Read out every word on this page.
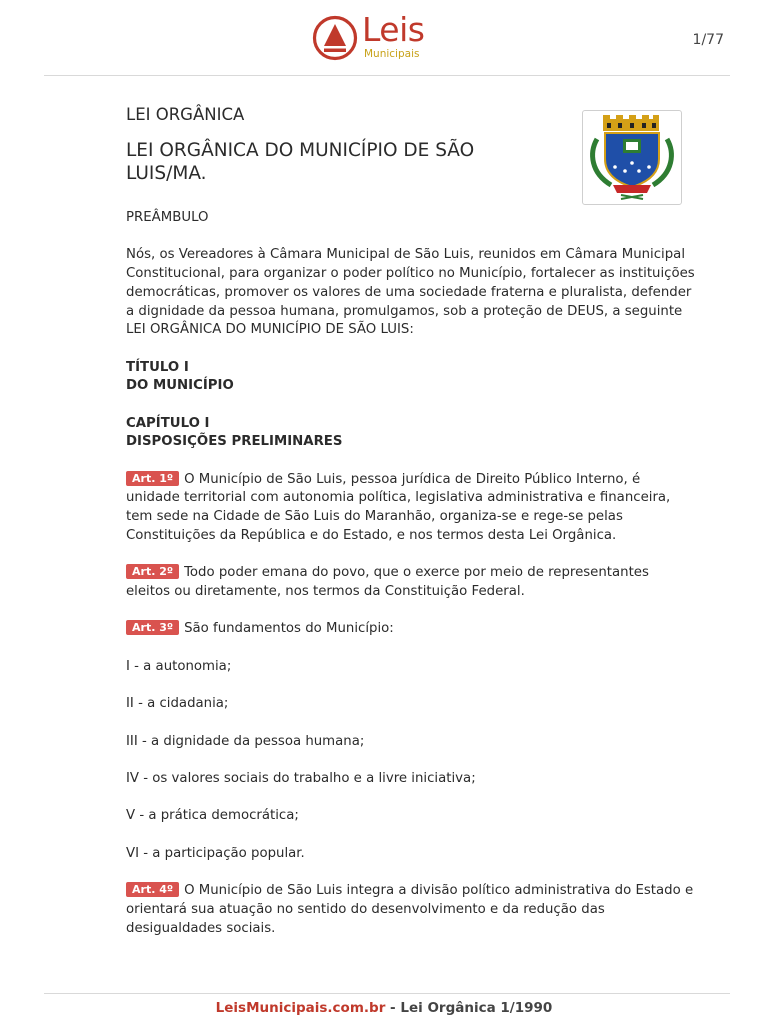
Leis
Municipais
1/77

LEI ORGÂNICA

LEI ORGÂNICA DO MUNICÍPIO DE SÃO LUIS/MA.

PREÂMBULO

Nós, os Vereadores à Câmara Municipal de São Luis, reunidos em Câmara Municipal Constitucional, para organizar o poder político no Município, fortalecer as instituições democráticas, promover os valores de uma sociedade fraterna e pluralista, defender a dignidade da pessoa humana, promulgamos, sob a proteção de DEUS, a seguinte LEI ORGÂNICA DO MUNICÍPIO DE SÃO LUIS:

TÍTULO I

DO MUNICÍPIO

CAPÍTULO I

DISPOSIÇÕES PRELIMINARES

Art. 1º O Município de São Luis, pessoa jurídica de Direito Público Interno, é unidade territorial com autonomia política, legislativa administrativa e financeira, tem sede na Cidade de São Luis do Maranhão, organiza-se e rege-se pelas Constituições da República e do Estado, e nos termos desta Lei Orgânica.

Art. 2º Todo poder emana do povo, que o exerce por meio de representantes eleitos ou diretamente, nos termos da Constituição Federal.

Art. 3º São fundamentos do Município:

I - a autonomia;

II - a cidadania;

III - a dignidade da pessoa humana;

IV - os valores sociais do trabalho e a livre iniciativa;

V - a prática democrática;

VI - a participação popular.

Art. 4º O Município de São Luis integra a divisão político administrativa do Estado e orientará sua atuação no sentido do desenvolvimento e da redução das desigualdades sociais.

LeisMunicipais.com.br - Lei Orgânica 1/1990
